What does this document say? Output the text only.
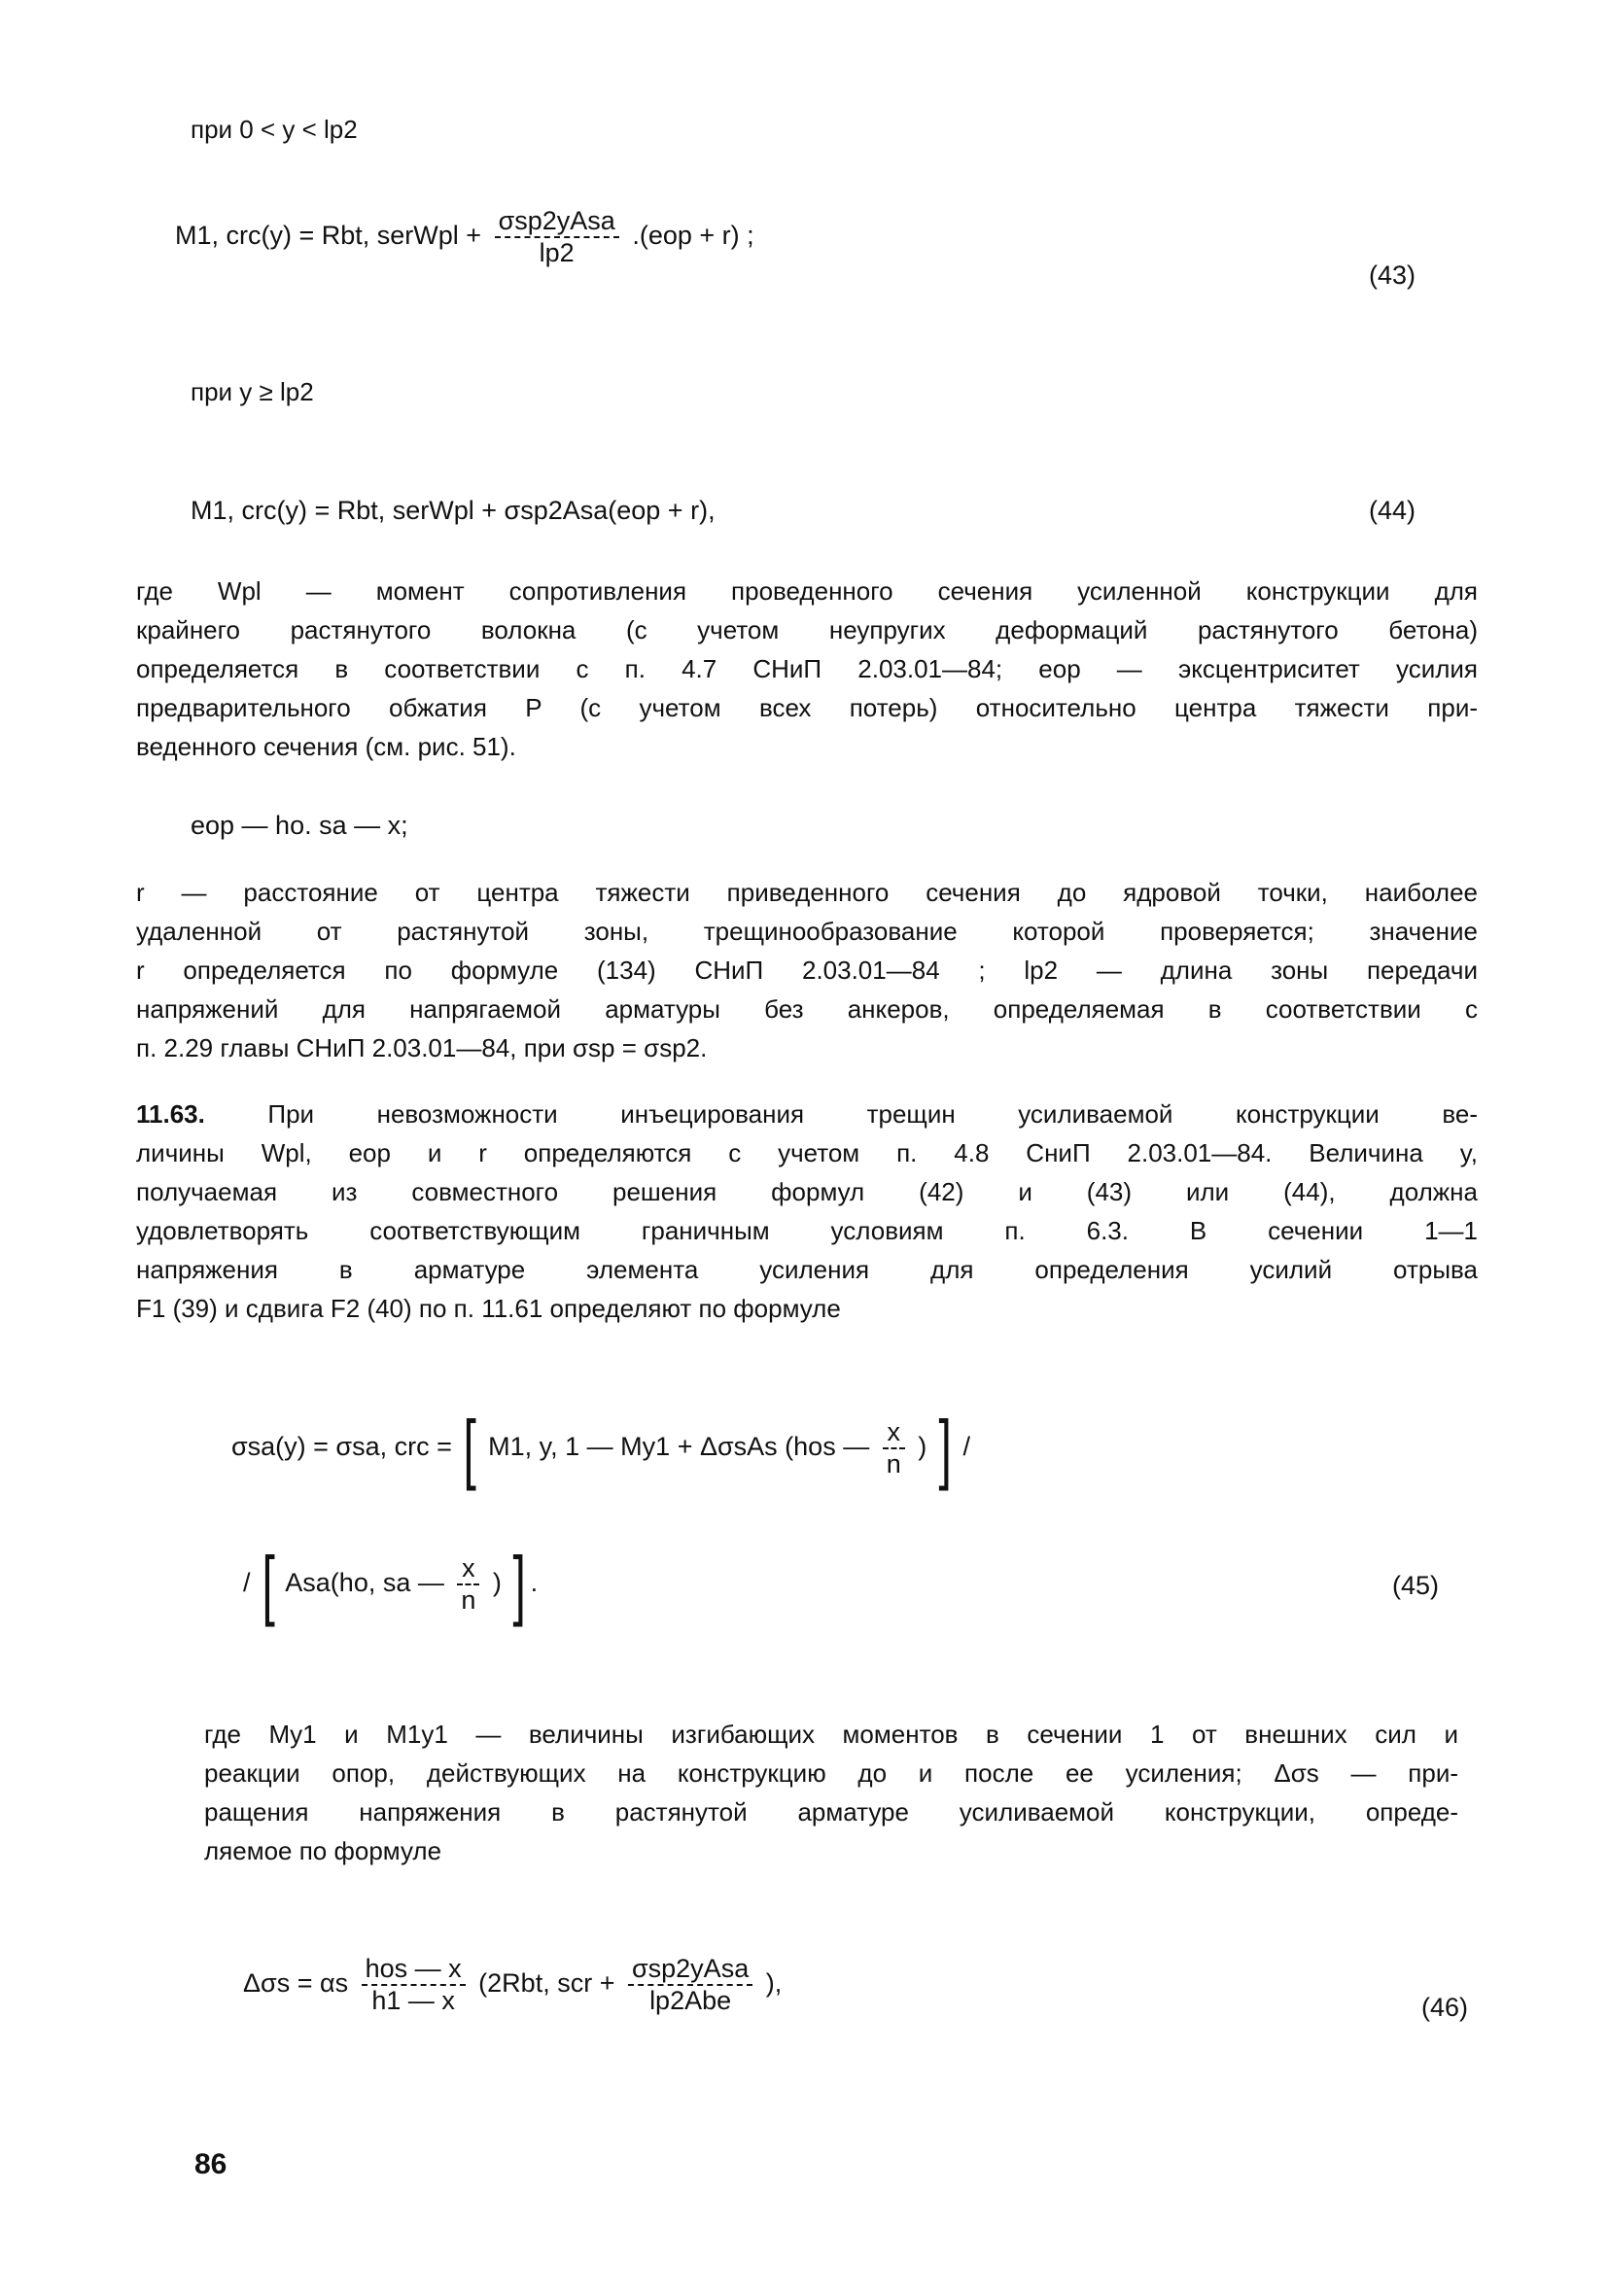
при 0 < y < lp2
M1, crc(y) = Rbt, serWpl + $\frac{\text{σsp2yAsa}}{lp2} .(eop + r)$ ;
(43)
при y ≥ lp2
M1, crc(y) = Rbt, serWpl + σsp2Asa(eop + r),	(44)
где Wpl — момент сопротивления проведенного сечения усиленной конструкции для
крайнего растянутого волокна (с учетом неупругих деформаций растянутого бетона)
определяется в соответствии с п. 4.7 СНиП 2.03.01—84; eop — эксцентриситет усилия
предварительного обжатия P (с учетом всех потерь) относительно центра тяжести при-
веденного сечения (см. рис. 51).
eop — ho. sa — x;
r — расстояние от центра тяжести приведенного сечения до ядровой точки, наиболее
удаленной от растянутой зоны, трещинообразование которой проверяется; значение
r определяется по формуле (134) СНиП 2.03.01—84 ; lp2 — длина зоны передачи
напряжений для напрягаемой арматуры без анкеров, определяемая в соответствии с
п. 2.29 главы СНиП 2.03.01—84, при σsp = σsp2.
11.63. При невозможности инъецирования трещин усиливаемой конструкции ве-
личины Wpl, eop и r определяются с учетом п. 4.8 СниП 2.03.01—84. Величина y,
получаемая из совместного решения формул (42) и (43) или (44), должна
удовлетворять соответствующим граничным условиям п. 6.3. В сечении 1—1
напряжения в арматуре элемента усиления для определения усилий отрыва
F1 (39) и сдвига F2 (40) по п. 11.61 определяют по формуле
σsa(y) = σsa, crc = [ M1, y, 1 — My1 + ΔσsAs (hos — $\frac{x}{n}$ ) ] /
/ [ Asa(ho, sa — $\frac{x}{n}$ ) ] .	(45)
где My1 и M1y1 — величины изгибающих моментов в сечении 1 от внешних сил и
реакции опор, действующих на конструкцию до и после ее усиления; Δσs — при-
ращения напряжения в растянутой арматуре усиливаемой конструкции, опреде-
ляемое по формуле
Δσs = αs $\frac{\text{hos — x}}{h1 — x} (2Rbt$, scr + $\frac{\text{σsp2yAsa}}{\text{lp2Abe}}$ ),
(46)
86
